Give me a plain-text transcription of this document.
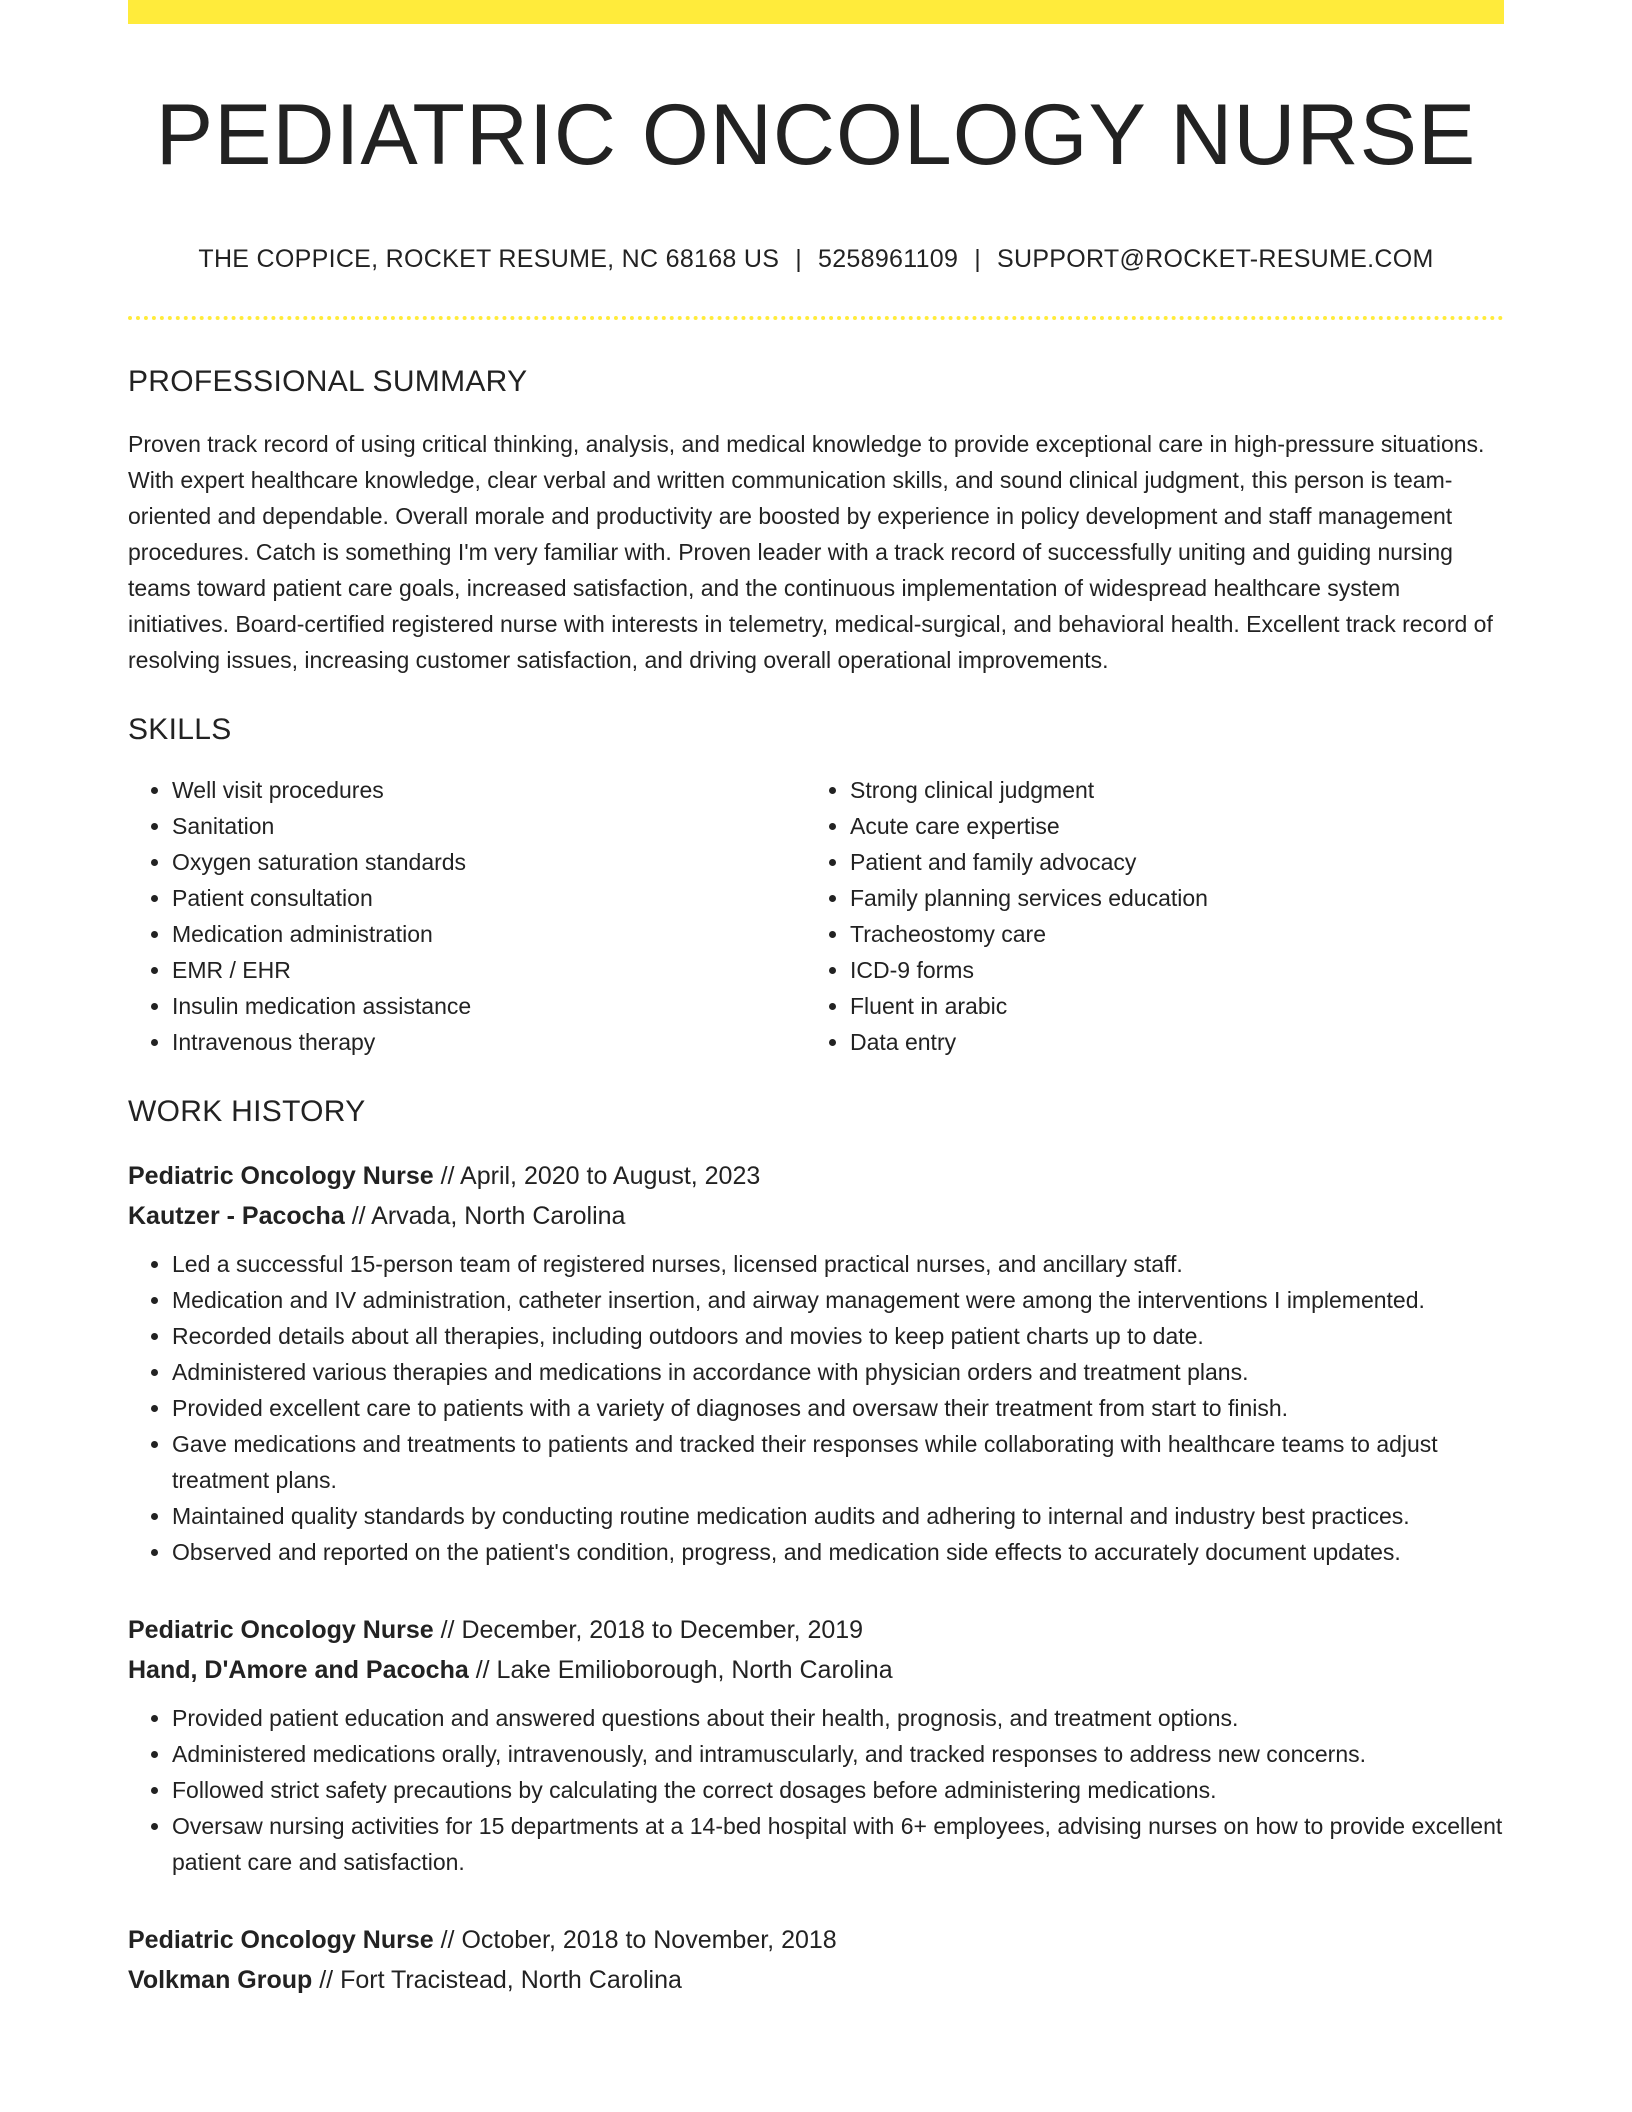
PEDIATRIC ONCOLOGY NURSE
THE COPPICE, ROCKET RESUME, NC 68168 US | 5258961109 | SUPPORT@ROCKET-RESUME.COM
PROFESSIONAL SUMMARY

Proven track record of using critical thinking, analysis, and medical knowledge to provide exceptional care in high-pressure situations. With expert healthcare knowledge, clear verbal and written communication skills, and sound clinical judgment, this person is team-oriented and dependable. Overall morale and productivity are boosted by experience in policy development and staff management procedures. Catch is something I'm very familiar with. Proven leader with a track record of successfully uniting and guiding nursing teams toward patient care goals, increased satisfaction, and the continuous implementation of widespread healthcare system initiatives. Board-certified registered nurse with interests in telemetry, medical-surgical, and behavioral health. Excellent track record of resolving issues, increasing customer satisfaction, and driving overall operational improvements.

SKILLS
• Well visit procedures
• Sanitation
• Oxygen saturation standards
• Patient consultation
• Medication administration
• EMR / EHR
• Insulin medication assistance
• Intravenous therapy
• Strong clinical judgment
• Acute care expertise
• Patient and family advocacy
• Family planning services education
• Tracheostomy care
• ICD-9 forms
• Fluent in arabic
• Data entry
WORK HISTORY
Pediatric Oncology Nurse // April, 2020 to August, 2023
Kautzer - Pacocha // Arvada, North Carolina
• Led a successful 15-person team of registered nurses, licensed practical nurses, and ancillary staff.
• Medication and IV administration, catheter insertion, and airway management were among the interventions I implemented.
• Recorded details about all therapies, including outdoors and movies to keep patient charts up to date.
• Administered various therapies and medications in accordance with physician orders and treatment plans.
• Provided excellent care to patients with a variety of diagnoses and oversaw their treatment from start to finish.
• Gave medications and treatments to patients and tracked their responses while collaborating with healthcare teams to adjust treatment plans.
• Maintained quality standards by conducting routine medication audits and adhering to internal and industry best practices.
• Observed and reported on the patient's condition, progress, and medication side effects to accurately document updates.
Pediatric Oncology Nurse // December, 2018 to December, 2019
Hand, D'Amore and Pacocha // Lake Emilioborough, North Carolina
• Provided patient education and answered questions about their health, prognosis, and treatment options.
• Administered medications orally, intravenously, and intramuscularly, and tracked responses to address new concerns.
• Followed strict safety precautions by calculating the correct dosages before administering medications.
• Oversaw nursing activities for 15 departments at a 14-bed hospital with 6+ employees, advising nurses on how to provide excellent patient care and satisfaction.
Pediatric Oncology Nurse // October, 2018 to November, 2018
Volkman Group // Fort Tracistead, North Carolina
